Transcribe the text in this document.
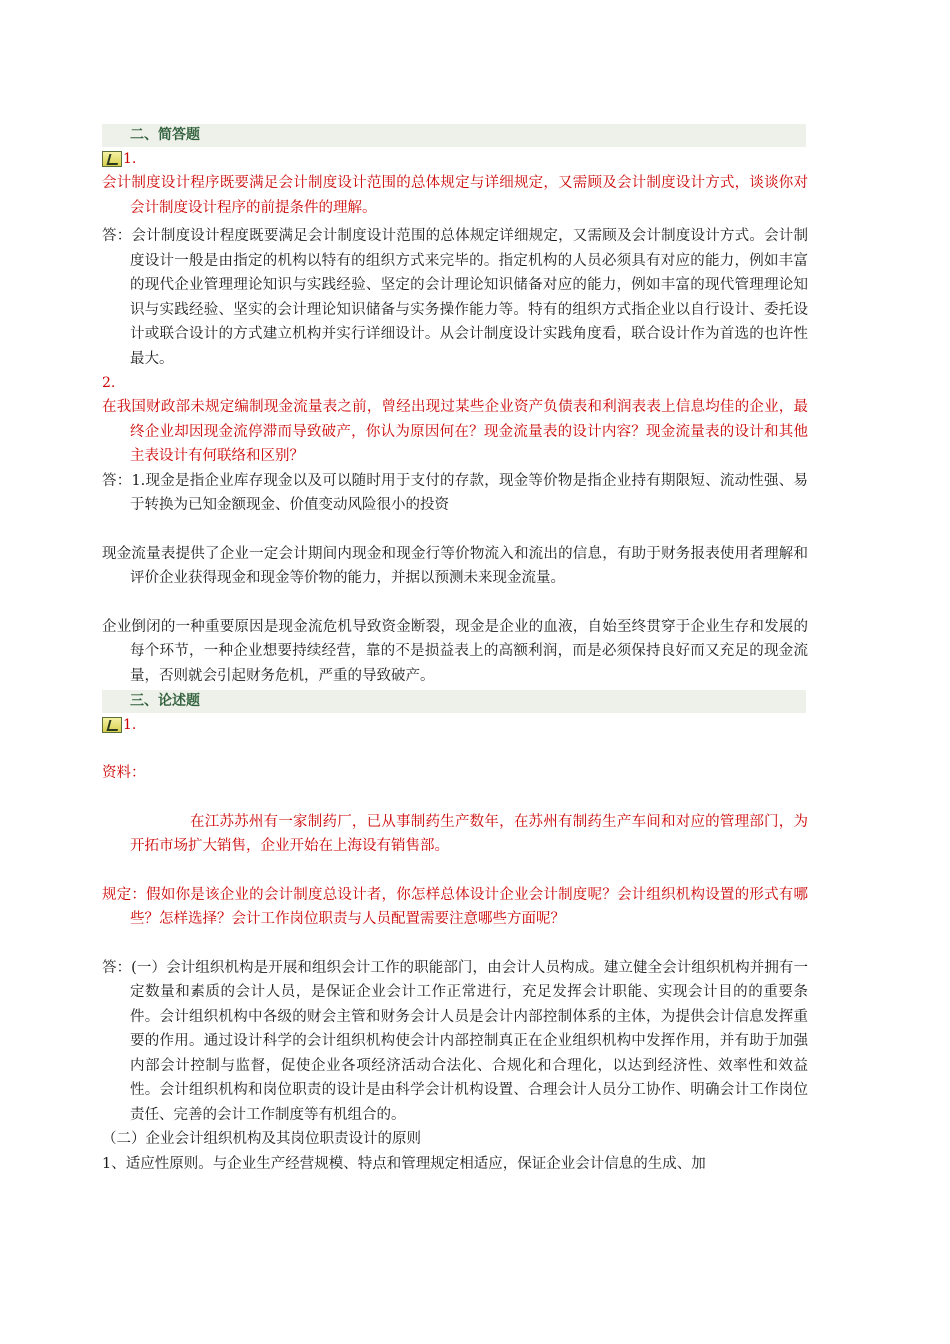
二、简答题
1.

会计制度设计程序既要满足会计制度设计范围的总体规定与详细规定，又需顾及会计制度设计方式，谈谈你对会计制度设计程序的前提条件的理解。

答：会计制度设计程度既要满足会计制度设计范围的总体规定详细规定，又需顾及会计制度设计方式。会计制度设计一般是由指定的机构以特有的组织方式来完毕的。指定机构的人员必须具有对应的能力，例如丰富的现代企业管理理论知识与实践经验、坚定的会计理论知识储备对应的能力，例如丰富的现代管理理论知识与实践经验、坚实的会计理论知识储备与实务操作能力等。特有的组织方式指企业以自行设计、委托设计或联合设计的方式建立机构并实行详细设计。从会计制度设计实践角度看，联合设计作为首选的也许性最大。

2.

在我国财政部未规定编制现金流量表之前，曾经出现过某些企业资产负债表和利润表表上信息均佳的企业，最终企业却因现金流停滞而导致破产，你认为原因何在？现金流量表的设计内容？现金流量表的设计和其他主表设计有何联络和区别？

答：1.现金是指企业库存现金以及可以随时用于支付的存款，现金等价物是指企业持有期限短、流动性强、易于转换为已知金额现金、价值变动风险很小的投资

现金流量表提供了企业一定会计期间内现金和现金行等价物流入和流出的信息，有助于财务报表使用者理解和评价企业获得现金和现金等价物的能力，并据以预测未来现金流量。

企业倒闭的一种重要原因是现金流危机导致资金断裂，现金是企业的血液，自始至终贯穿于企业生存和发展的每个环节，一种企业想要持续经营，靠的不是损益表上的高额利润，而是必须保持良好而又充足的现金流量，否则就会引起财务危机，严重的导致破产。

三、论述题
1.

资料：

在江苏苏州有一家制药厂，已从事制药生产数年，在苏州有制药生产车间和对应的管理部门，为开拓市场扩大销售，企业开始在上海设有销售部。

规定：假如你是该企业的会计制度总设计者，你怎样总体设计企业会计制度呢？会计组织机构设置的形式有哪些？怎样选择？会计工作岗位职责与人员配置需要注意哪些方面呢？

答：(一）会计组织机构是开展和组织会计工作的职能部门，由会计人员构成。建立健全会计组织机构并拥有一定数量和素质的会计人员，是保证企业会计工作正常进行，充足发挥会计职能、实现会计目的的重要条件。会计组织机构中各级的财会主管和财务会计人员是会计内部控制体系的主体，为提供会计信息发挥重要的作用。通过设计科学的会计组织机构使会计内部控制真正在企业组织机构中发挥作用，并有助于加强内部会计控制与监督，促使企业各项经济活动合法化、合规化和合理化，以达到经济性、效率性和效益性。会计组织机构和岗位职责的设计是由科学会计机构设置、合理会计人员分工协作、明确会计工作岗位责任、完善的会计工作制度等有机组合的。

（二）企业会计组织机构及其岗位职责设计的原则

1、适应性原则。与企业生产经营规模、特点和管理规定相适应，保证企业会计信息的生成、加
